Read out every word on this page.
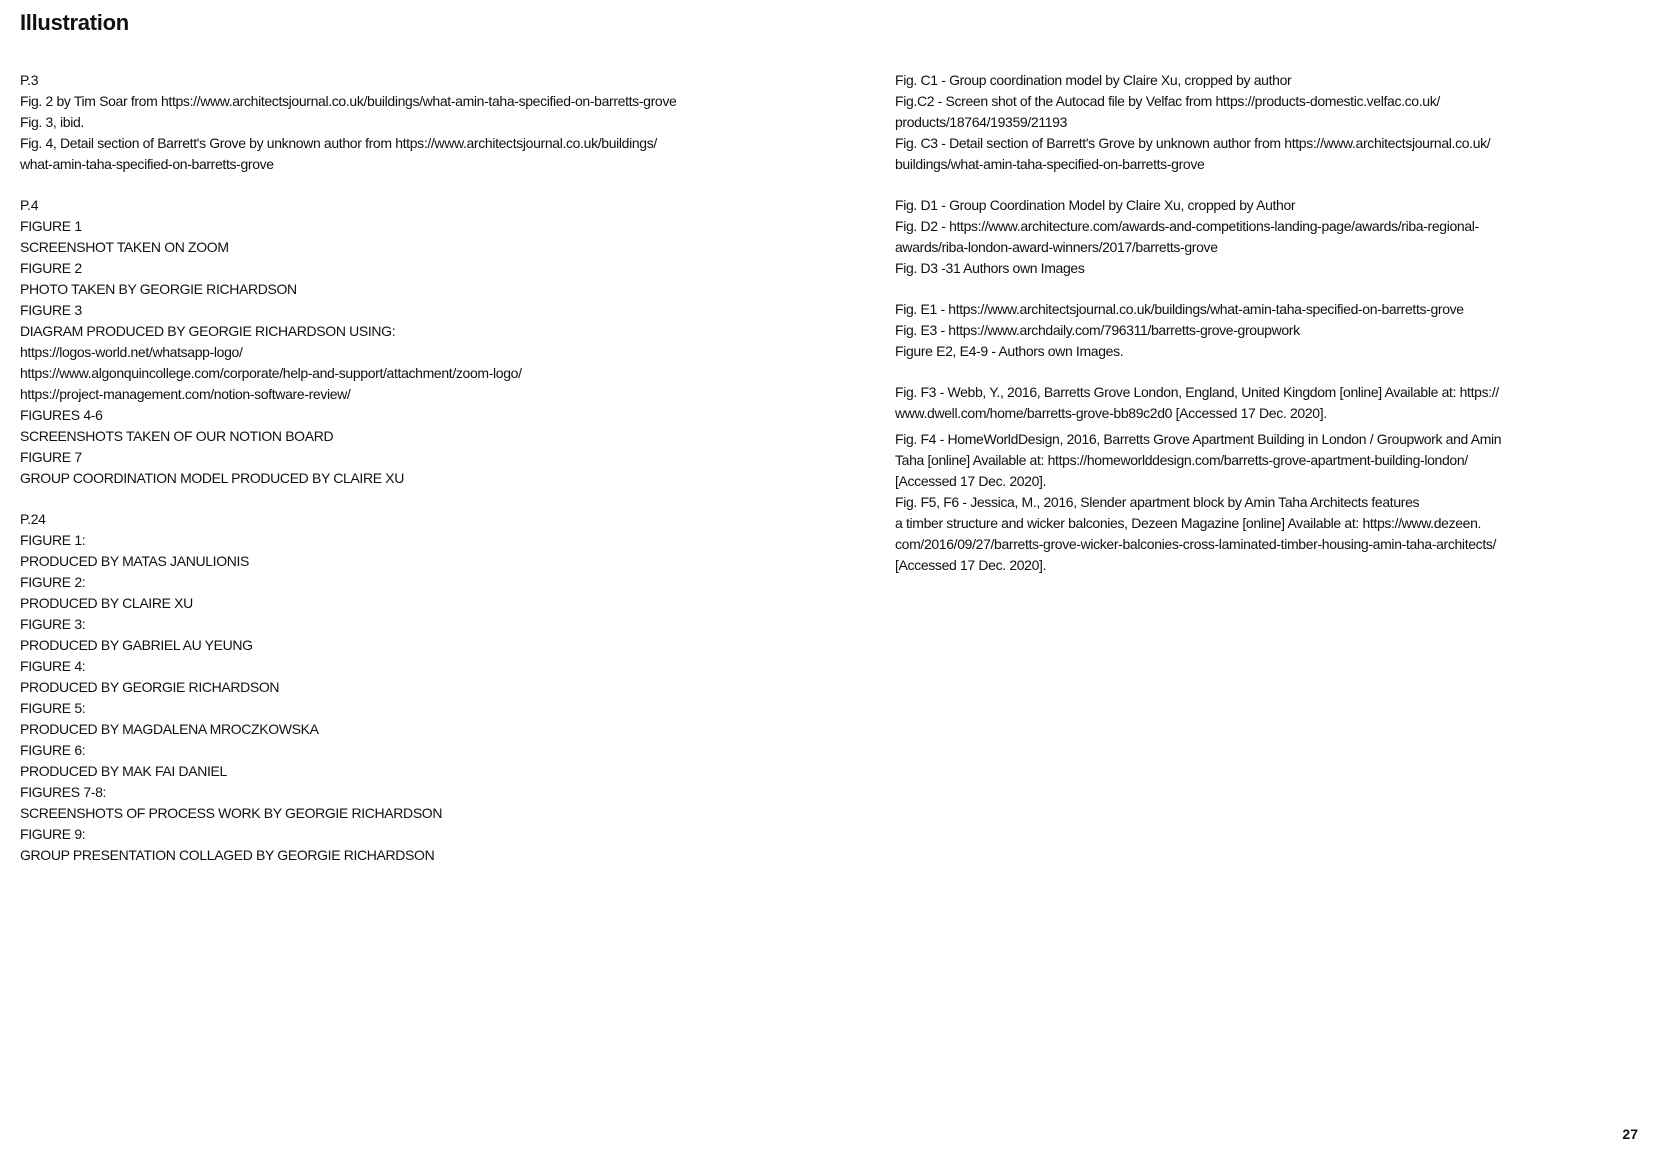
Illustration
P.3
Fig. 2 by Tim Soar from https://www.architectsjournal.co.uk/buildings/what-amin-taha-specified-on-barretts-grove
Fig. 3, ibid.
Fig. 4, Detail section of Barrett's Grove by unknown author from https://www.architectsjournal.co.uk/buildings/
what-amin-taha-specified-on-barretts-grove
P.4
FIGURE 1
SCREENSHOT TAKEN ON ZOOM
FIGURE 2
PHOTO TAKEN BY GEORGIE RICHARDSON
FIGURE 3
DIAGRAM PRODUCED BY GEORGIE RICHARDSON USING:
https://logos-world.net/whatsapp-logo/
https://www.algonquincollege.com/corporate/help-and-support/attachment/zoom-logo/
https://project-management.com/notion-software-review/
FIGURES 4-6
SCREENSHOTS TAKEN OF OUR NOTION BOARD
FIGURE 7
GROUP COORDINATION MODEL PRODUCED BY CLAIRE XU
P.24
FIGURE 1:
PRODUCED BY MATAS JANULIONIS
FIGURE 2:
PRODUCED BY CLAIRE XU
FIGURE 3:
PRODUCED BY GABRIEL AU YEUNG
FIGURE 4:
PRODUCED BY GEORGIE RICHARDSON
FIGURE 5:
PRODUCED BY MAGDALENA MROCZKOWSKA
FIGURE 6:
PRODUCED BY MAK FAI DANIEL
FIGURES 7-8:
SCREENSHOTS OF PROCESS WORK BY GEORGIE RICHARDSON
FIGURE 9:
GROUP PRESENTATION COLLAGED BY GEORGIE RICHARDSON
Fig. C1 - Group coordination model by Claire Xu, cropped by author
Fig.C2 - Screen shot of the Autocad file by Velfac from https://products-domestic.velfac.co.uk/
products/18764/19359/21193
Fig. C3 - Detail section of Barrett's Grove by unknown author from https://www.architectsjournal.co.uk/
buildings/what-amin-taha-specified-on-barretts-grove
Fig. D1 - Group Coordination Model by Claire Xu, cropped by Author
Fig. D2 - https://www.architecture.com/awards-and-competitions-landing-page/awards/riba-regional-
awards/riba-london-award-winners/2017/barretts-grove
Fig. D3 -31 Authors own Images
Fig. E1 - https://www.architectsjournal.co.uk/buildings/what-amin-taha-specified-on-barretts-grove
Fig. E3 - https://www.archdaily.com/796311/barretts-grove-groupwork
Figure E2, E4-9 - Authors own Images.
Fig. F3 - Webb, Y., 2016, Barretts Grove London, England, United Kingdom [online] Available at: https://
www.dwell.com/home/barretts-grove-bb89c2d0 [Accessed 17 Dec. 2020].
Fig. F4 - HomeWorldDesign, 2016, Barretts Grove Apartment Building in London / Groupwork and Amin
Taha [online] Available at: https://homeworlddesign.com/barretts-grove-apartment-building-london/
[Accessed 17 Dec. 2020].
Fig. F5, F6 - Jessica, M., 2016, Slender apartment block by Amin Taha Architects features
a timber structure and wicker balconies, Dezeen Magazine [online] Available at: https://www.dezeen.
com/2016/09/27/barretts-grove-wicker-balconies-cross-laminated-timber-housing-amin-taha-architects/
[Accessed 17 Dec. 2020].
27
